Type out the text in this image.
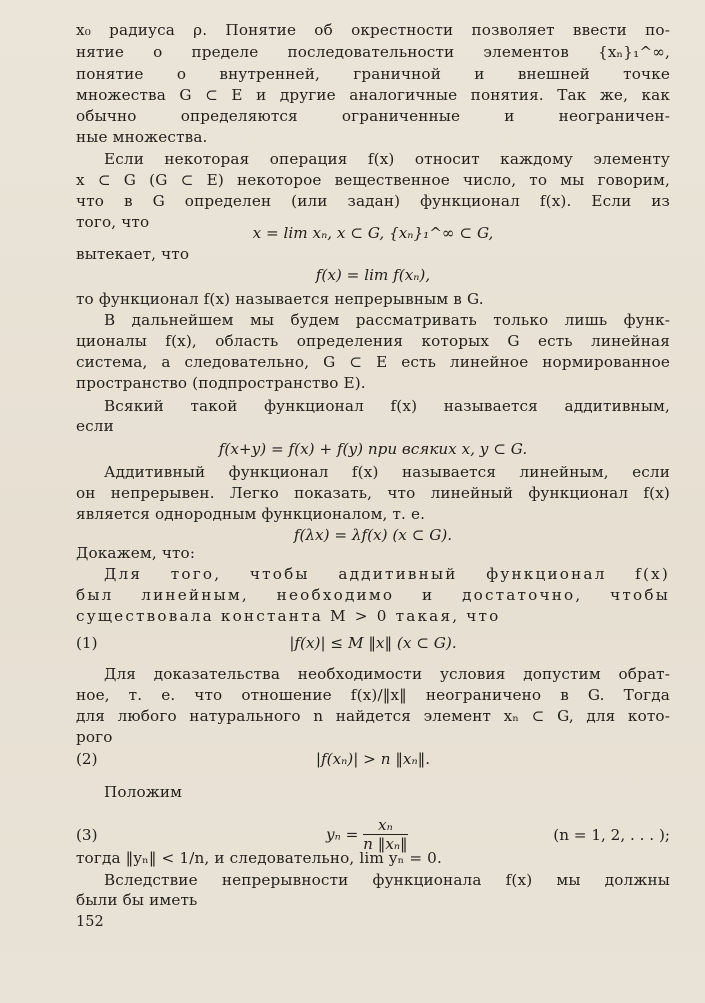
x₀ радиуса ρ. Понятие об окрестности позволяет ввести по-
нятие о пределе последовательности элементов {xₙ}₁^∞,
понятие о внутренней, граничной и внешней точке
множества G ⊂ E и другие аналогичные понятия. Так же, как
обычно определяются ограниченные и неограничен-
ные множества.
Если некоторая операция f(x) относит каждому элементу
x ⊂ G (G ⊂ E) некоторое вещественное число, то мы говорим,
что в G определен (или задан) функционал f(x). Если из
того, что
x = lim xₙ, x ⊂ G, {xₙ}₁^∞ ⊂ G,
вытекает, что
f(x) = lim f(xₙ),
то функционал f(x) называется непрерывным в G.
В дальнейшем мы будем рассматривать только лишь функ-
ционалы f(x), область определения которых G есть линейная
система, а следовательно, G ⊂ E есть линейное нормированное
пространство (подпространство E).
Всякий такой функционал f(x) называется аддитивным,
если
f(x+y) = f(x) + f(y) при всяких x, y ⊂ G.
Аддитивный функционал f(x) называется линейным, если
он непрерывен. Легко показать, что линейный функционал f(x)
является однородным функционалом, т. е.
f(λx) = λf(x) (x ⊂ G).
Докажем, что:
Для того, чтобы аддитивный функционал f(x)
был линейным, необходимо и достаточно, чтобы
существовала константа M > 0 такая, что
(1)	|f(x)| ≤ M ‖x‖ (x ⊂ G).
Для доказательства необходимости условия допустим обрат-
ное, т. е. что отношение f(x)/‖x‖ неограничено в G. Тогда
для любого натурального n найдется элемент xₙ ⊂ G, для кото-
рого
(2)	|f(xₙ)| > n ‖xₙ‖.
Положим
(3)	$y_n = \frac{\text{xₙ}}{\text{n ‖xₙ‖}}$	(n = 1, 2, . . . );
тогда ‖yₙ‖ < 1/n, и следовательно, lim yₙ = 0.
Вследствие непрерывности функционала f(x) мы должны
были бы иметь
152
